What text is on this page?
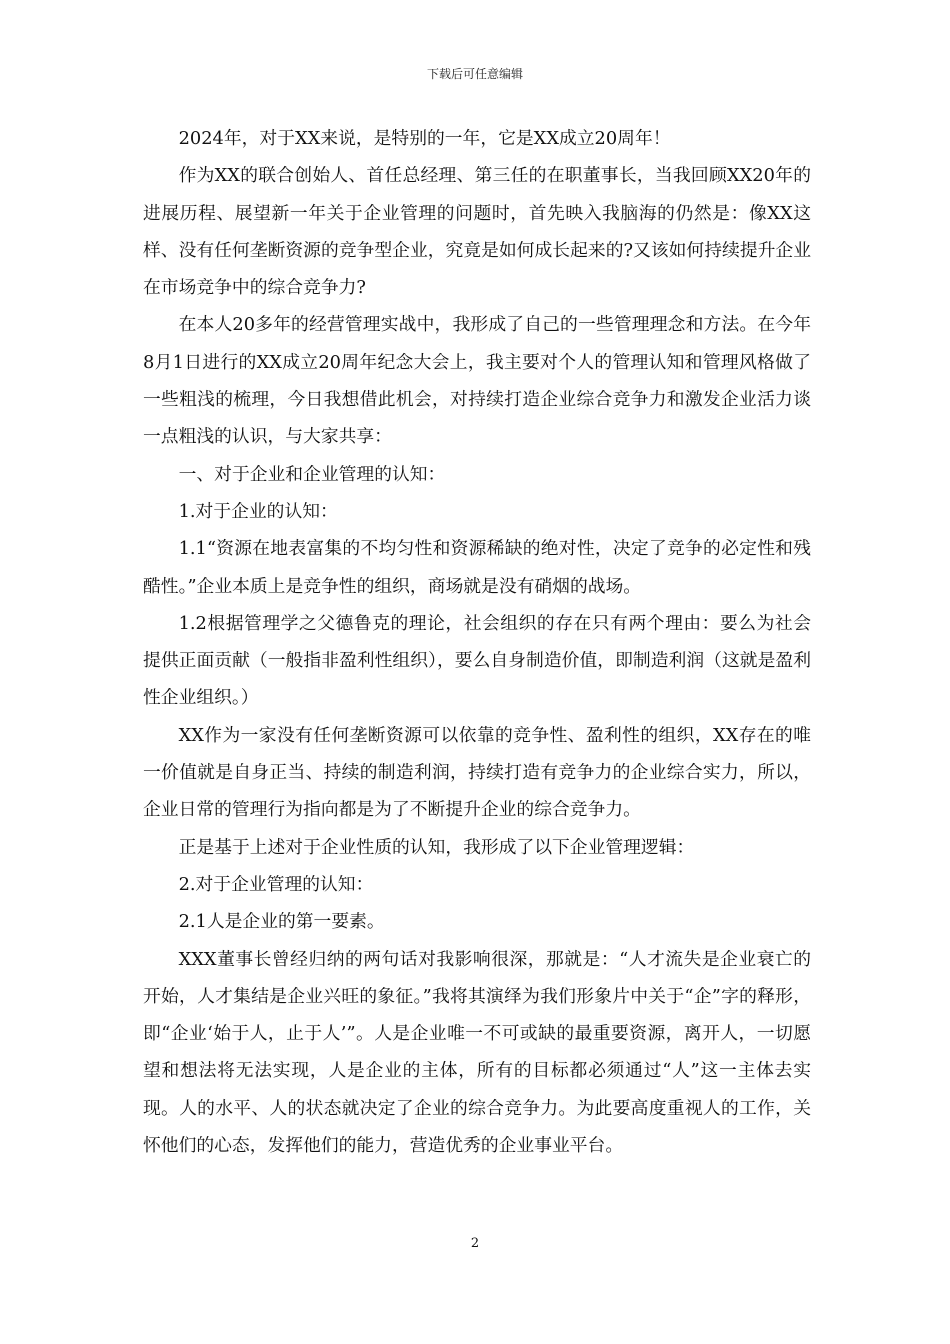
下载后可任意编辑

2024年，对于XX来说，是特别的一年，它是XX成立20周年！

作为XX的联合创始人、首任总经理、第三任的在职董事长，当我回顾XX20年的进展历程、展望新一年关于企业管理的问题时，首先映入我脑海的仍然是：像XX这样、没有任何垄断资源的竞争型企业，究竟是如何成长起来的?又该如何持续提升企业在市场竞争中的综合竞争力?

在本人20多年的经营管理实战中，我形成了自己的一些管理理念和方法。在今年8月1日进行的XX成立20周年纪念大会上，我主要对个人的管理认知和管理风格做了一些粗浅的梳理，今日我想借此机会，对持续打造企业综合竞争力和激发企业活力谈一点粗浅的认识，与大家共享：

一、对于企业和企业管理的认知：

1.对于企业的认知：

1.1“资源在地表富集的不均匀性和资源稀缺的绝对性，决定了竞争的必定性和残酷性。”企业本质上是竞争性的组织，商场就是没有硝烟的战场。

1.2根据管理学之父德鲁克的理论，社会组织的存在只有两个理由：要么为社会提供正面贡献（一般指非盈利性组织），要么自身制造价值，即制造利润（这就是盈利性企业组织。）

XX作为一家没有任何垄断资源可以依靠的竞争性、盈利性的组织，XX存在的唯一价值就是自身正当、持续的制造利润，持续打造有竞争力的企业综合实力，所以，企业日常的管理行为指向都是为了不断提升企业的综合竞争力。

正是基于上述对于企业性质的认知，我形成了以下企业管理逻辑：

2.对于企业管理的认知：

2.1人是企业的第一要素。

XXX董事长曾经归纳的两句话对我影响很深，那就是：“人才流失是企业衰亡的开始，人才集结是企业兴旺的象征。”我将其演绎为我们形象片中关于“企”字的释形，即“企业‘始于人，止于人’”。人是企业唯一不可或缺的最重要资源，离开人，一切愿望和想法将无法实现，人是企业的主体，所有的目标都必须通过“人”这一主体去实现。人的水平、人的状态就决定了企业的综合竞争力。为此要高度重视人的工作，关怀他们的心态，发挥他们的能力，营造优秀的企业事业平台。

2
